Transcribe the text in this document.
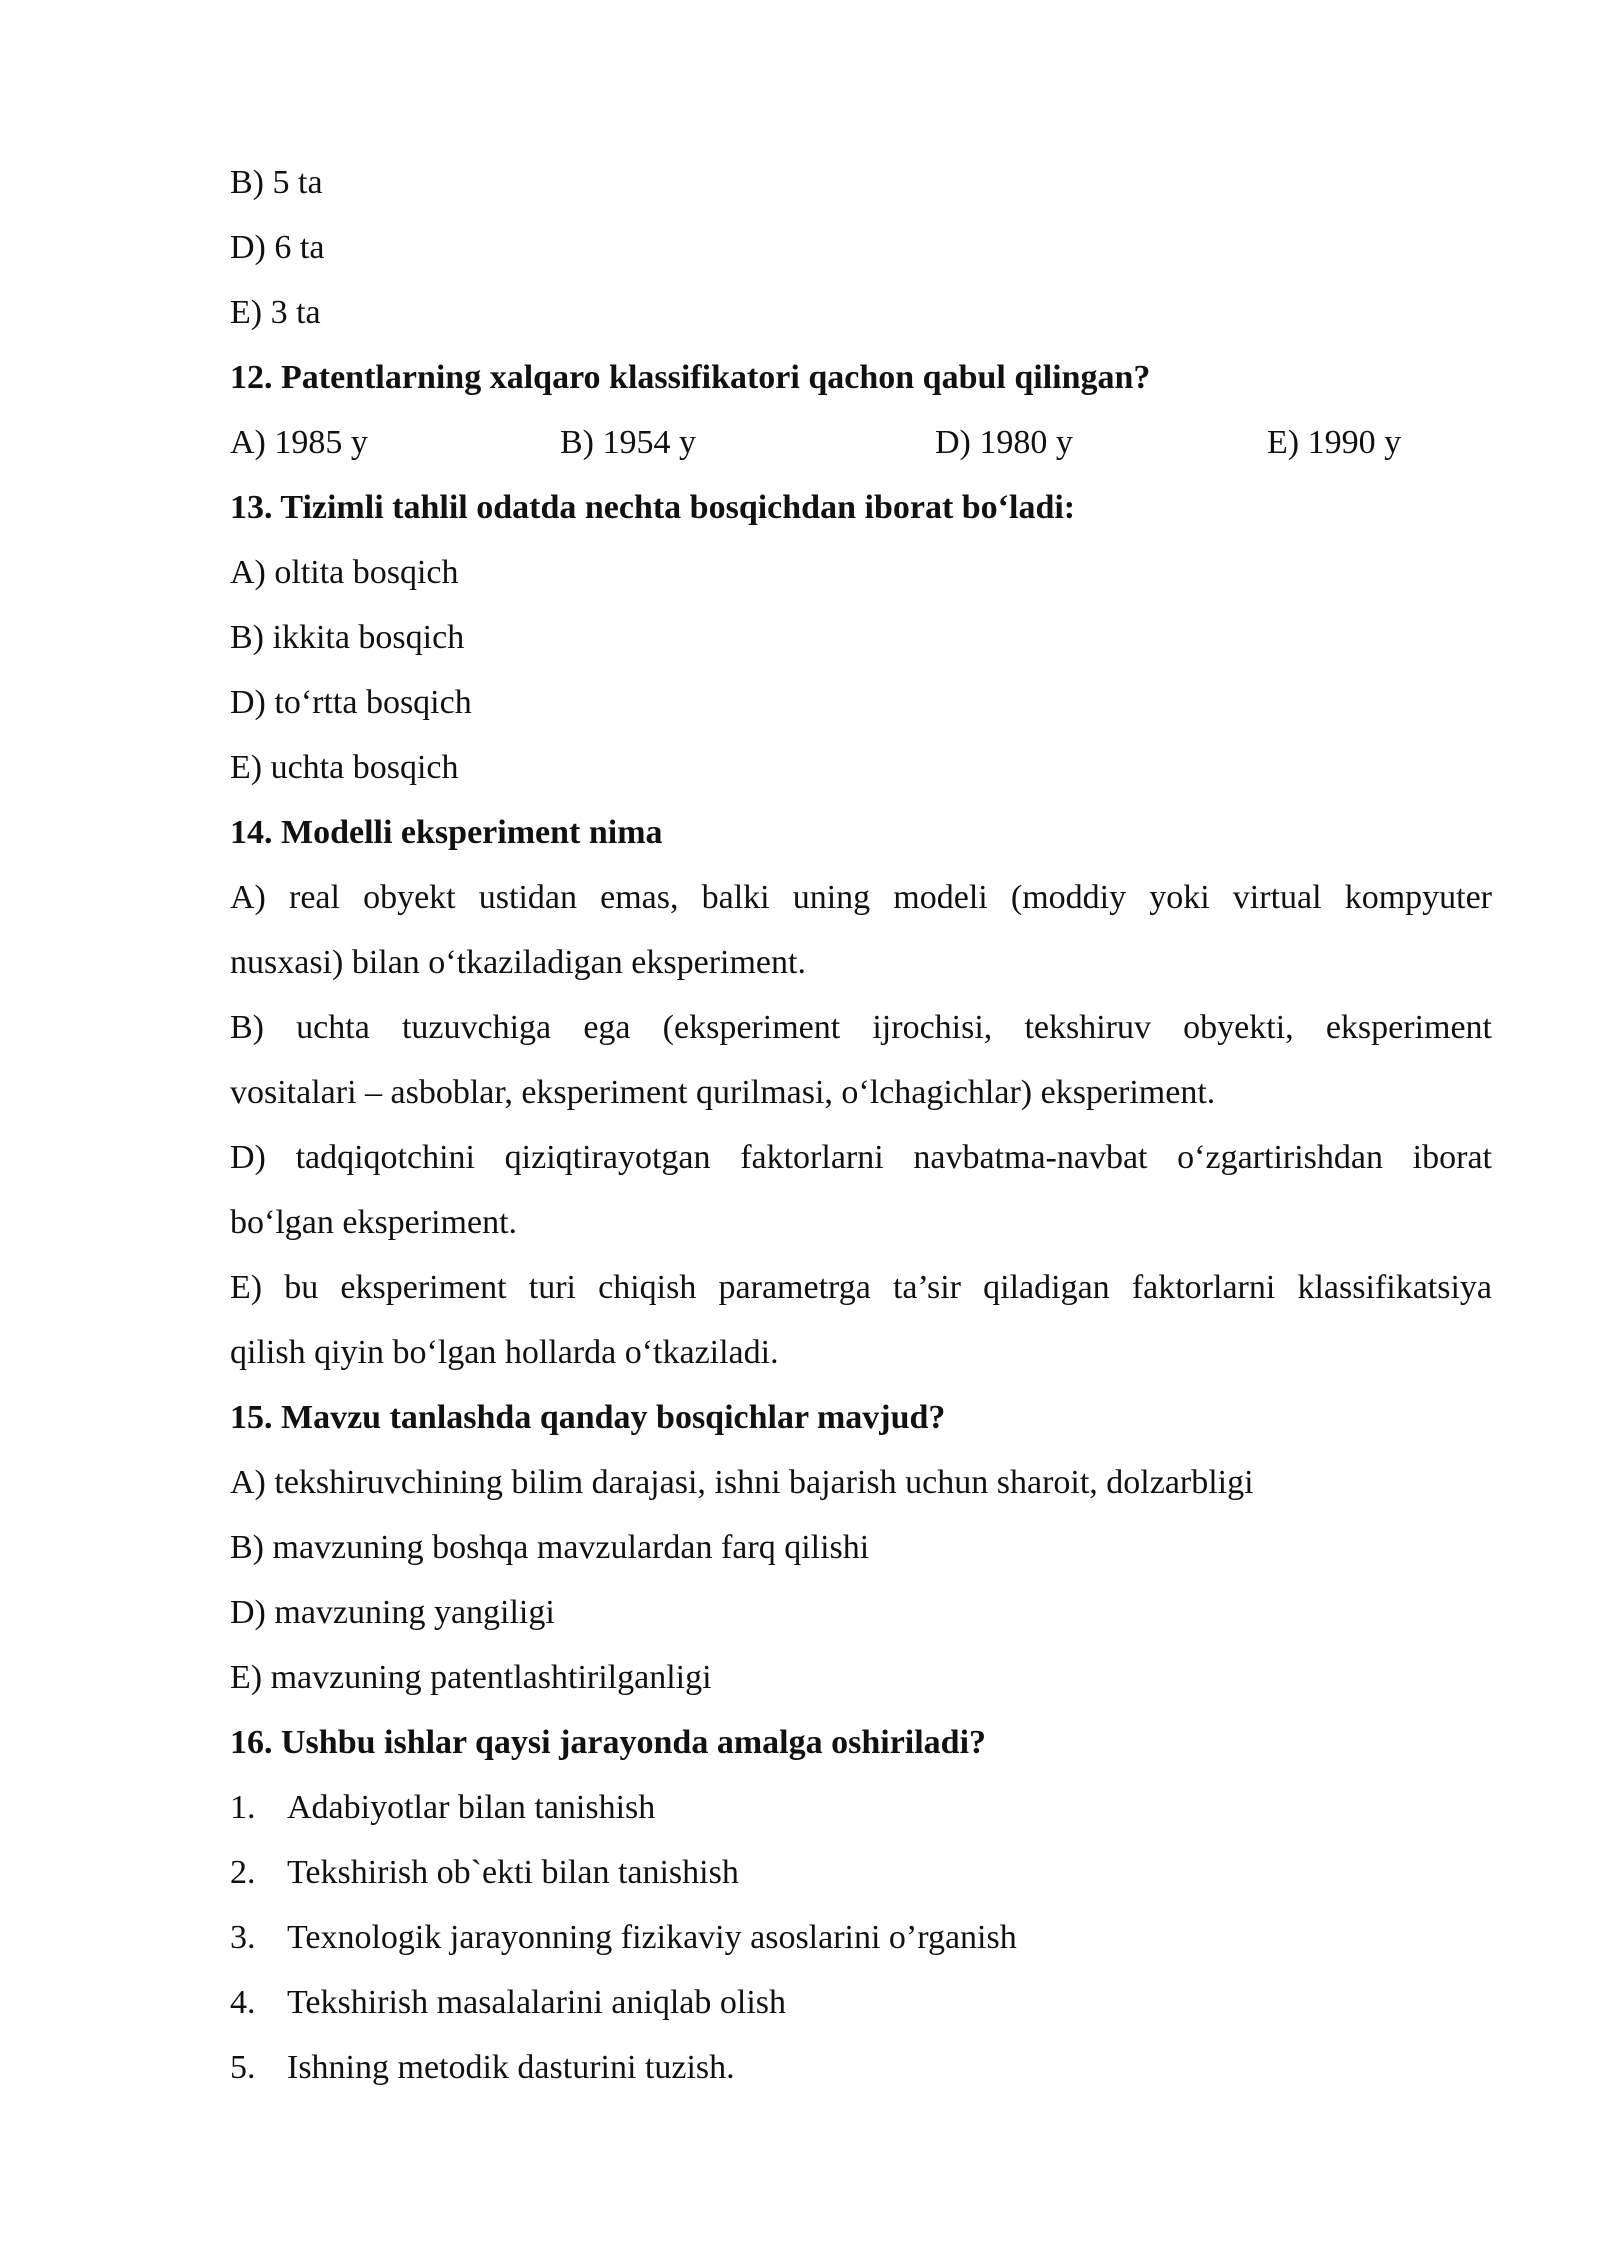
B) 5 ta

D) 6 ta

E) 3 ta

12. Patentlarning xalqaro klassifikatori qachon qabul qilingan?

A) 1985 y	B) 1954 y	D) 1980 y	E) 1990 y

13. Tizimli tahlil odatda nechta bosqichdan iborat bo‘ladi:

A) oltita bosqich

B) ikkita bosqich

D) to‘rtta bosqich

E) uchta bosqich

14. Modelli eksperiment nima

A) real obyekt ustidan emas, balki uning modeli (moddiy yoki virtual kompyuter

nusxasi) bilan o‘tkaziladigan eksperiment.

B) uchta tuzuvchiga ega (eksperiment ijrochisi, tekshiruv obyekti, eksperiment

vositalari – asboblar, eksperiment qurilmasi, o‘lchagichlar) eksperiment.

D) tadqiqotchini qiziqtirayotgan faktorlarni navbatma-navbat o‘zgartirishdan iborat

bo‘lgan eksperiment.

E) bu eksperiment turi chiqish parametrga ta’sir qiladigan faktorlarni klassifikatsiya

qilish qiyin bo‘lgan hollarda o‘tkaziladi.

15. Mavzu tanlashda qanday bosqichlar mavjud?

A) tekshiruvchining bilim darajasi, ishni bajarish uchun sharoit, dolzarbligi

B) mavzuning boshqa mavzulardan farq qilishi

D) mavzuning yangiligi

E) mavzuning patentlashtirilganligi

16. Ushbu ishlar qaysi jarayonda amalga oshiriladi?

1. Adabiyotlar bilan tanishish
2. Tekshirish ob`ekti bilan tanishish
3. Texnologik jarayonning fizikaviy asoslarini o’rganish
4. Tekshirish masalalarini aniqlab olish
5. Ishning metodik dasturini tuzish.
